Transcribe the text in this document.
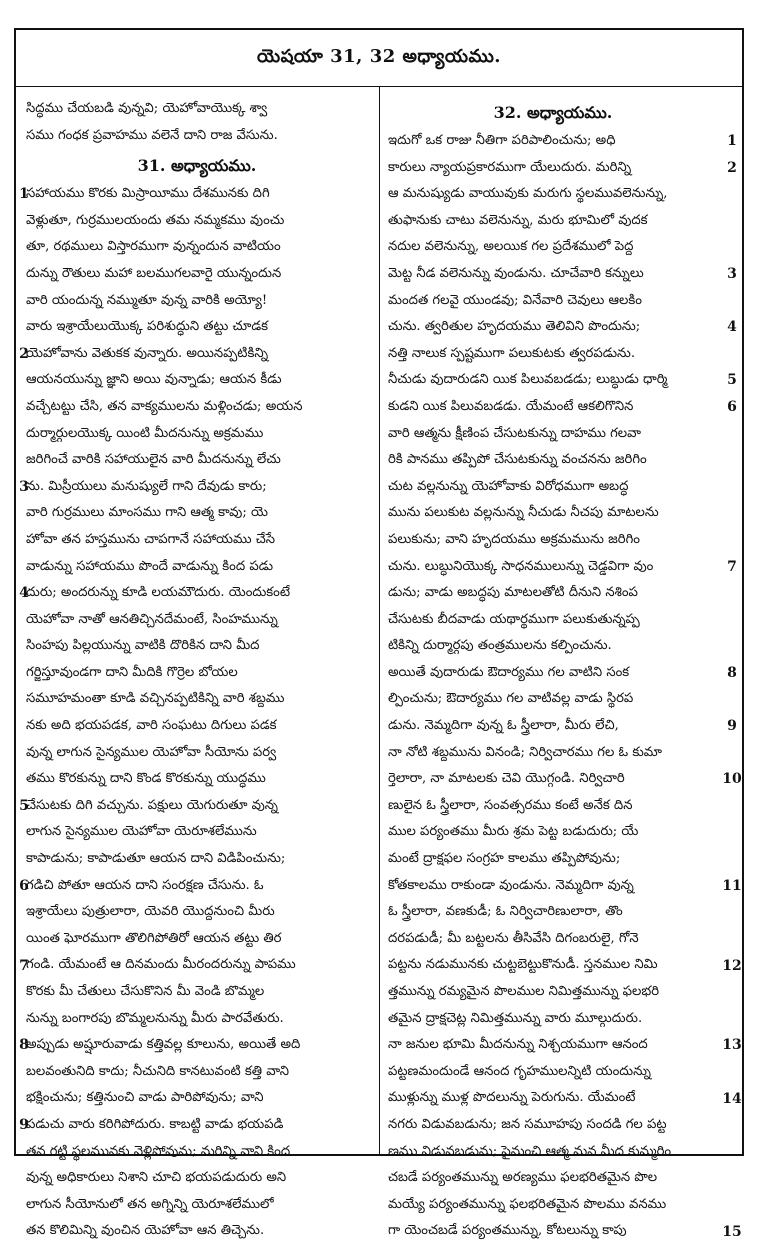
యెషయా 31, 32 అధ్యాయము.
సిద్ధము చేయబడి వున్నవి; యెహోవాయొక్క శ్వా
సము గంధక ప్రవాహము వలెనే దాని రాజ వేసును.
31. అధ్యాయము.
సహాయము కొరకు మిస్రాయీము దేశమునకు దిగి
వెళ్లుతూ, గుర్రములయందు తమ నమ్మకము వుంచు
తూ, రథములు విస్తారముగా వున్నందున వాటియం
దున్ను రౌతులు మహా బలముగలవారై యున్నందున
వారి యందున్న నమ్ముతూ వున్న వారికి అయ్యో!
వారు ఇశ్రాయేలుయొక్క పరిశుద్ధుని తట్టు చూడక
యెహోవాను వెతుకక వున్నారు. అయినప్పటికిన్ని
ఆయనయున్ను జ్ఞాని అయి వున్నాడు; ఆయన కీడు
వచ్చేటట్టు చేసి, తన వాక్యములను మళ్లించడు; అయన
దుర్మార్గులయొక్క యింటి మీదనున్ను అక్రమము
జరిగించే వారికి సహాయులైన వారి మీదనున్ను లేచు
ను. మిస్రీయులు మనుష్యులే గాని దేవుడు కారు;
వారి గుర్రములు మాంసము గాని ఆత్మ కావు; యె
హోవా తన హస్తమును చాపగానే సహాయము చేసే
వాడున్ను సహాయము పొందే వాడున్ను కింద పడు
దురు; అందరున్ను కూడి లయమౌదురు. యెందుకంటే
యెహోవా నాతో ఆనతిచ్చినదేమంటే, సింహమున్ను
సింహపు పిల్లయున్ను వాటికి దొరికిన దాని మీద
గర్జిస్తూవుండగా దాని మీదికి గొర్రెల బోయల
సమూహమంతా కూడి వచ్చినప్పటికిన్ని వారి శబ్దము
నకు అది భయపడక, వారి సంఘటు దిగులు పడక
వున్న లాగున సైన్యముల యెహోవా సీయోను పర్వ
తము కొరకున్ను దాని కొండ కొరకున్ను యుద్ధము
చేసుటకు దిగి వచ్చును. పక్షులు యెగురుతూ వున్న
లాగున సైన్యముల యెహోవా యెరూశలేమును
కాపాడును; కాపాడుతూ ఆయన దాని విడిపించును;
గడిచి పోతూ ఆయన దాని సంరక్షణ చేసును. ఓ
ఇశ్రాయేలు పుత్రులారా, యెవరి యొద్దనుంచి మీరు
యింత ఘోరముగా తొలిగిపోతిరో ఆయన తట్టు తిర
గండి. యేమంటే ఆ దినమందు మీరందరున్ను పాపము
కొరకు మీ చేతులు చేసుకొనిన మీ వెండి బొమ్మల
నున్ను బంగారపు బొమ్మలనున్ను మీరు పారవేతురు.
అప్పుడు అష్షూరువాడు కత్తివల్ల కూలును, అయితే అది
బలవంతునిది కాదు; నీచునిది కానటువంటి కత్తి వాని
భక్షించును; కత్తినుంచి వాడు పారిపోవును; వాని
పడుచు వారు కరిగిపోదురు. కాబట్టి వాడు భయపడి
తన గట్టి స్థలమునకు వెళ్లిపోవును; మరిన్ని వాని కింద
వున్న అధికారులు నిశాని చూచి భయపడుదురు అని
లాగున సీయోనులో తన అగ్నిన్ని యెరూశలేములో
తన కొలిమిన్ని వుంచిన యెహోవా ఆన తిచ్చెను.
1
2
3
4
5
6
7
8
9
32. అధ్యాయము.
ఇదుగో ఒక రాజు నీతిగా పరిపాలించును; అధి
కారులు న్యాయప్రకారముగా యేలుదురు. మరిన్ని
ఆ మనుష్యుడు వాయువుకు మరుగు స్థలమువలెనున్ను,
తుఫానుకు చాటు వలెనున్ను, మరు భూమిలో వుదక
నదుల వలెనున్ను, అలయిక గల ప్రదేశములో పెద్ద
మెట్ట నీడ వలెనున్ను వుండును. చూచేవారి కన్నులు
మందత గలవై యుండవు; వినేవారి చెవులు ఆలకిం
చును. త్వరితుల హృదయము తెలివిని పొందును;
నత్తి నాలుక స్పష్టముగా పలుకుటకు త్వరపడును.
నీచుడు వుదారుడని యిక పిలువబడడు; లుబ్ధుడు ధార్మి
కుడని యిక పిలువబడడు. యేమంటే ఆకలిగొనిన
వారి ఆత్మను క్షీణింప చేసుటకున్ను దాహము గలవా
రికి పానము తప్పిపో చేసుటకున్ను వంచనను జరిగిం
చుట వల్లనున్ను యెహోవాకు విరోధముగా అబద్ధ
మును పలుకుట వల్లనున్ను నీచుడు నీచపు మాటలను
పలుకును; వాని హృదయము అక్రమమును జరిగిం
చును. లుబ్ధునియొక్క సాధనములున్ను చెడ్డవిగా వుం
డును; వాడు అబద్ధపు మాటలతోటి దీనుని నశింప
చేసుటకు బీదవాడు యథార్థముగా పలుకుతున్నప్ప
టికిన్ని దుర్మార్గపు తంత్రములను కల్పించును.
అయితే వుదారుడు ఔదార్యము గల వాటిని సంక
ల్పించును; ఔదార్యము గల వాటివల్ల వాడు స్థిరప
డును. నెమ్మదిగా వున్న ఓ స్త్రీలారా, మీరు లేచి,
నా నోటి శబ్దమును వినండి; నిర్విచారము గల ఓ కుమా
ర్తెలారా, నా మాటలకు చెవి యొగ్గండి. నిర్విచారి
ణులైన ఓ స్త్రీలారా, సంవత్సరము కంటే అనేక దిన
ముల పర్యంతము మీరు శ్రమ పెట్ట బడుదురు; యే
మంటే ద్రాక్షఫల సంగ్రహ కాలము తప్పిపోవును;
కోతకాలము రాకుండా వుండును. నెమ్మదిగా వున్న
ఓ స్త్రీలారా, వణకుడీ; ఓ నిర్విచారిణులారా, తొం
దరపడుడీ; మీ బట్టలను తీసివేసి దిగంబరులై, గోనె
పట్టను నడుమునకు చుట్టబెట్టుకొనుడీ. స్తనముల నిమి
త్తమున్ను రమ్యమైన పొలముల నిమిత్తమున్ను ఫలభరి
తమైన ద్రాక్షచెట్ల నిమిత్తమున్ను వారు మూల్గుదురు.
నా జనుల భూమి మీదనున్ను నిశ్చయముగా ఆనంద
పట్టణమందుండే ఆనంద గృహములన్నిటి యందున్ను
ముళ్లున్ను ముళ్ల పొదలున్ను పెరుగును. యేమంటే
నగరు విడువబడును; జన సమూహపు సందడి గల పట్ట
ణము విడువబడును; పైనుంచి ఆత్మ మన మీద కుమ్మరిం
చబడే పర్యంతమున్ను అరణ్యము ఫలభరితమైన పొల
మయ్యే పర్యంతమున్ను ఫలభరితమైన పొలము వనము
గా యెంచబడే పర్యంతమున్ను, కోటలున్ను కాపు
1
2
3
4
5
6
7
8
9
10
11
12
13
14
15
